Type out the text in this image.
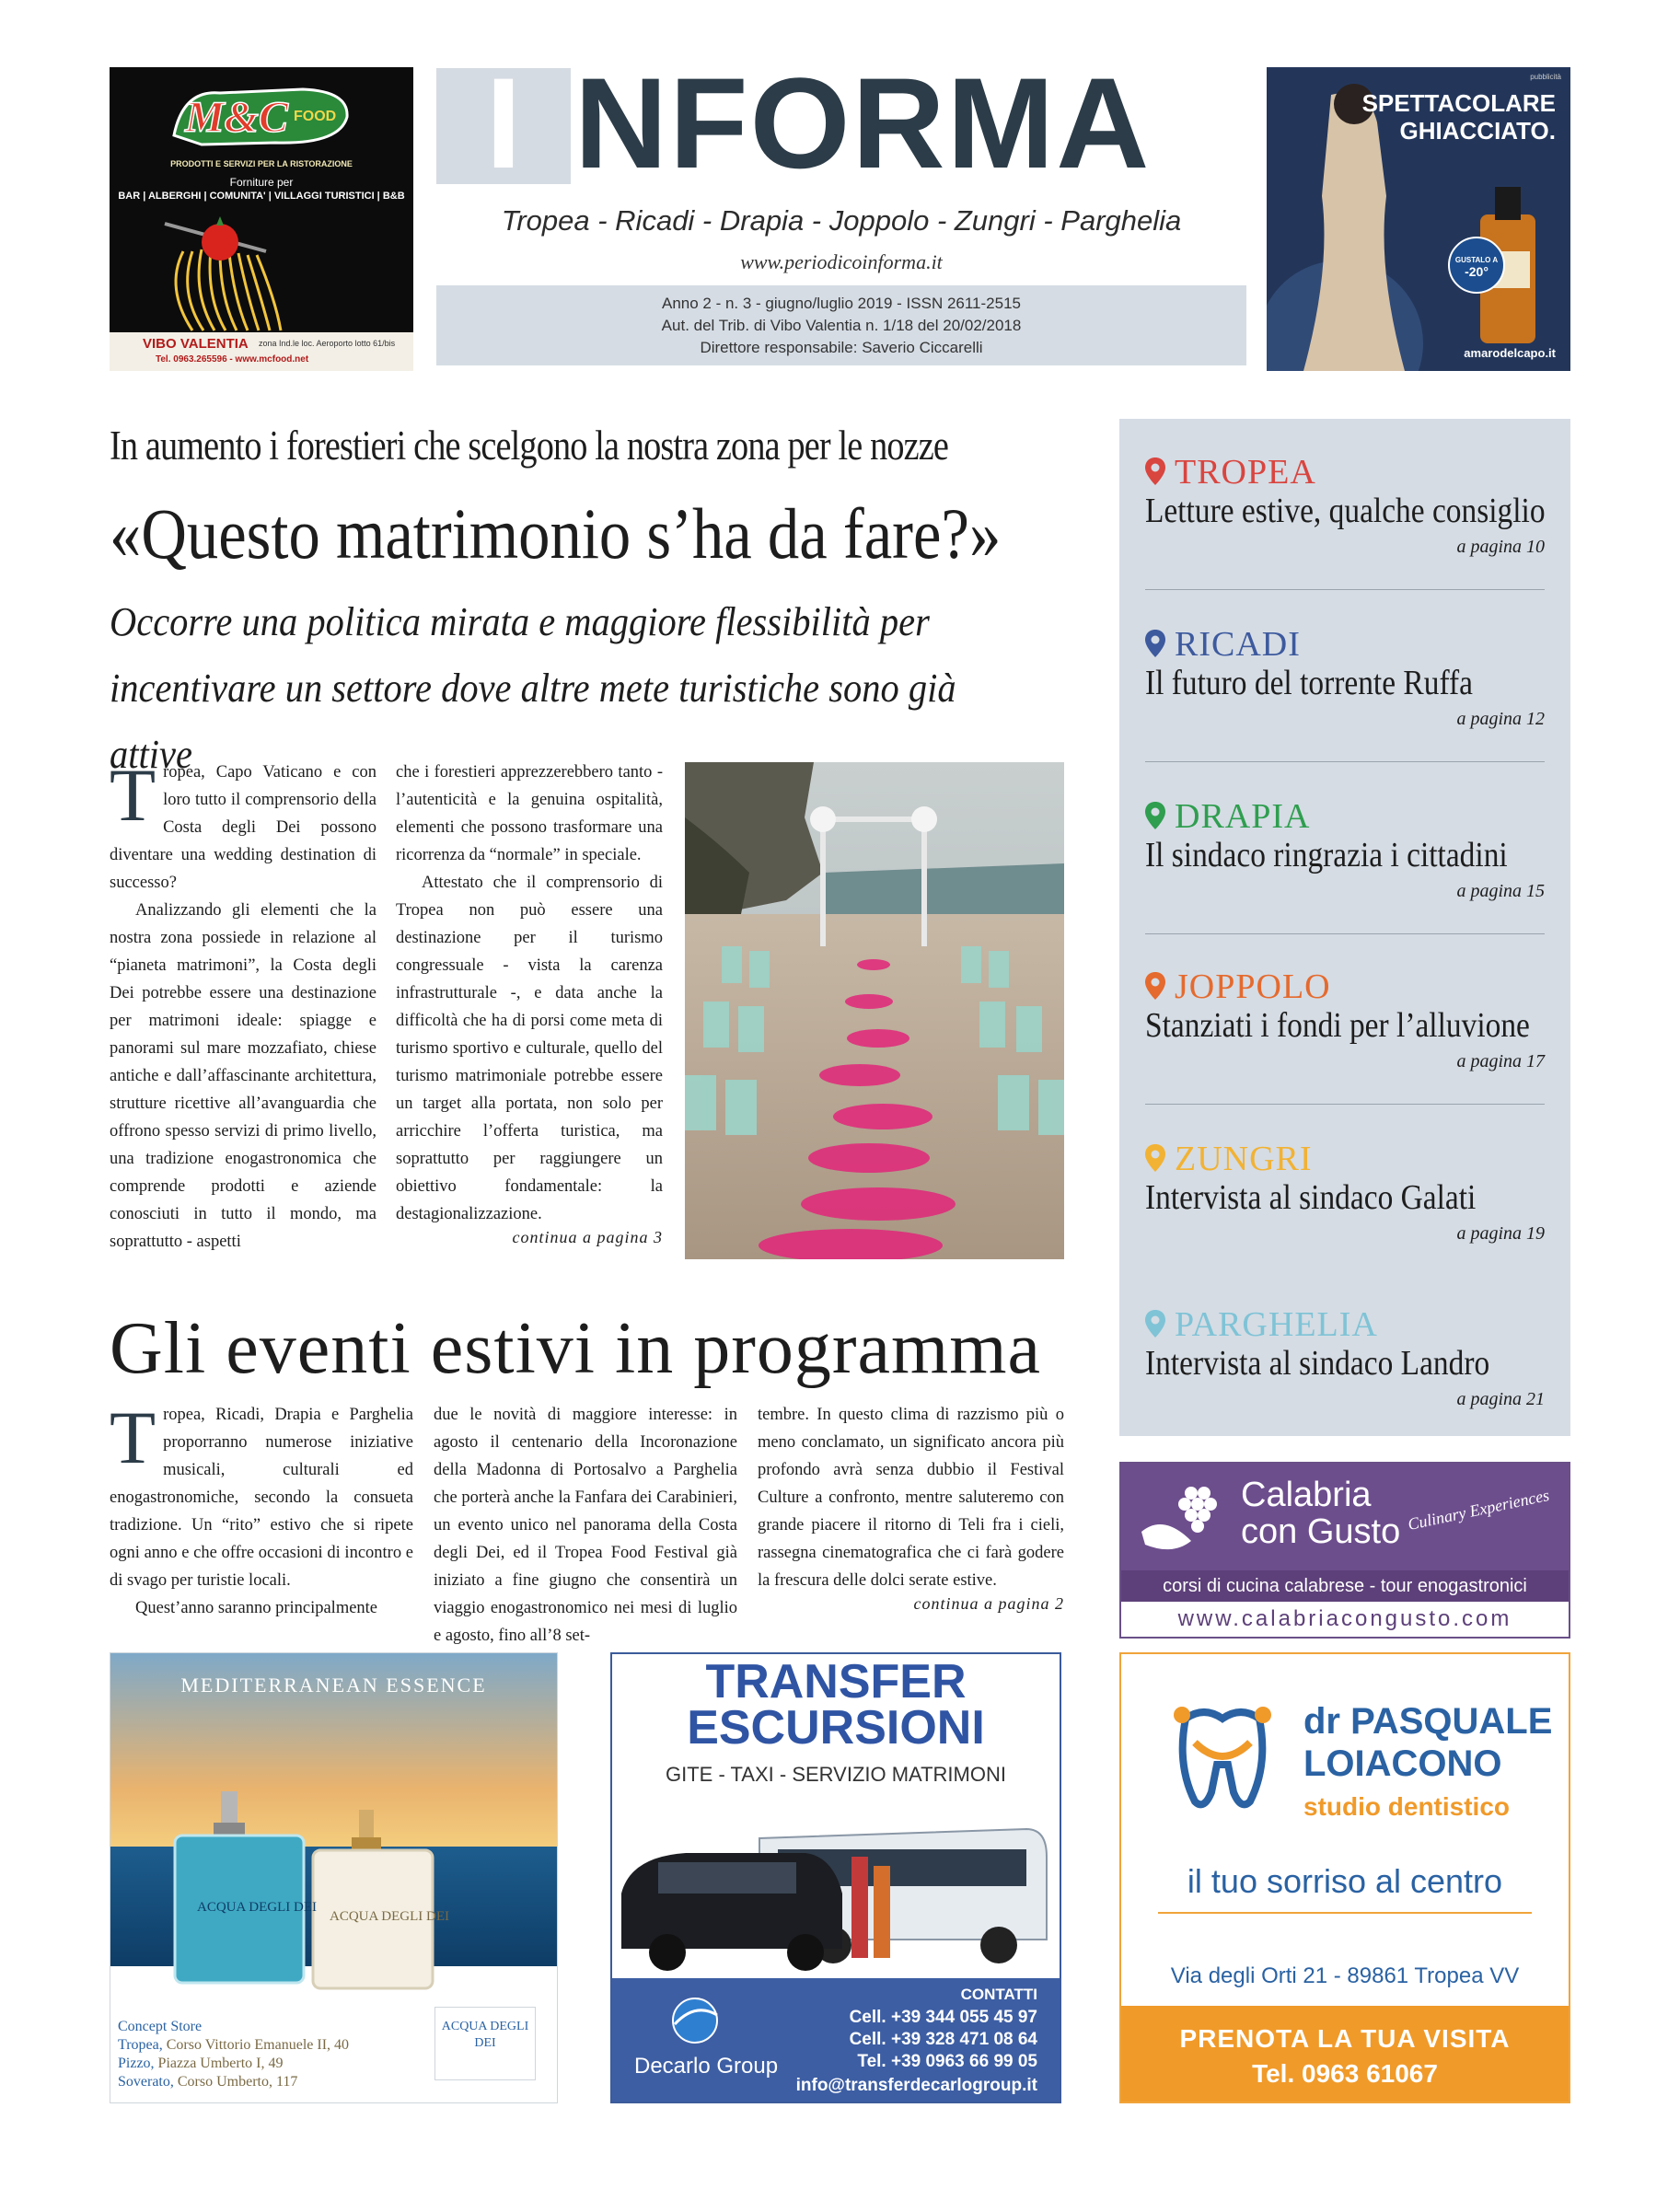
M&C FOOD
PRODOTTI E SERVIZI PER LA RISTORAZIONE
Forniture per
BAR | ALBERGHI | COMUNITA' | VILLAGGI TURISTICI | B&B
VIBO VALENTIA zona Ind.le loc. Aeroporto lotto 61/bis
Tel. 0963.265596 - www.mcfood.net
I NFORMA
Tropea - Ricadi - Drapia - Joppolo - Zungri - Parghelia
www.periodicoinforma.it
Anno 2 - n. 3 - giugno/luglio 2019 - ISSN 2611-2515
Aut. del Trib. di Vibo Valentia n. 1/18 del 20/02/2018
Direttore responsabile: Saverio Ciccarelli
pubblicità
SPETTACOLARE
GHIACCIATO.
GUSTALO A
-20°
amarodelcapo.it
In aumento i forestieri che scelgono la nostra zona per le nozze
«Questo matrimonio s’ha da fare?»
Occorre una politica mirata e maggiore flessibilità per incentivare un settore dove altre mete turistiche sono già attive

Tropea, Capo Vaticano e con loro tutto il comprensorio della Costa degli Dei possono diventare una wedding destination di successo?

Analizzando gli elementi che la nostra zona possiede in relazione al “pianeta matrimoni”, la Costa degli Dei potrebbe essere una destinazione per matrimoni ideale: spiagge e panorami sul mare mozzafiato, chiese antiche e dall’affascinante architettura, strutture ricettive all’avanguardia che offrono spesso servizi di primo livello, una tradizione enogastronomica che comprende prodotti e aziende conosciuti in tutto il mondo, ma soprattutto - aspetti

che i forestieri apprezzerebbero tanto - l’autenticità e la genuina ospitalità, elementi che possono trasformare una ricorrenza da “normale” in speciale.

Attestato che il comprensorio di Tropea non può essere una destinazione per il turismo congressuale - vista la carenza infrastrutturale -, e data anche la difficoltà che ha di porsi come meta di turismo sportivo e culturale, quello del turismo matrimoniale potrebbe essere un target alla portata, non solo per arricchire l’offerta turistica, ma soprattutto per raggiungere un obiettivo fondamentale: la destagionalizzazione.

continua a pagina 3
Gli eventi estivi in programma

Tropea, Ricadi, Drapia e Parghelia proporranno numerose iniziative musicali, culturali ed enogastronomiche, secondo la consueta tradizione. Un “rito” estivo che si ripete ogni anno e che offre occasioni di incontro e di svago per turistie locali.

Quest’anno saranno principalmente

due le novità di maggiore interesse: in agosto il centenario della Incoronazione della Madonna di Portosalvo a Parghelia che porterà anche la Fanfara dei Carabinieri, un evento unico nel panorama della Costa degli Dei, ed il Tropea Food Festival già iniziato a fine giugno che consentirà un viaggio enogastronomico nei mesi di luglio e agosto, fino all’8 set-

tembre. In questo clima di razzismo più o meno conclamato, un significato ancora più profondo avrà senza dubbio il Festival Culture a confronto, mentre saluteremo con grande piacere il ritorno di Teli fra i cieli, rassegna cinematografica che ci farà godere la frescura delle dolci serate estive.

continua a pagina 2
TROPEA
Letture estive, qualche consiglio
a pagina 10
RICADI
Il futuro del torrente Ruffa
a pagina 12
DRAPIA
Il sindaco ringrazia i cittadini
a pagina 15
JOPPOLO
Stanziati i fondi per l’alluvione
a pagina 17
ZUNGRI
Intervista al sindaco Galati
a pagina 19
PARGHELIA
Intervista al sindaco Landro
a pagina 21
Calabria
con Gusto Culinary Experiences
corsi di cucina calabrese - tour enogastronici
www.calabriacongusto.com
MEDITERRANEAN ESSENCE
ACQUA DEGLI DEI
ACQUA DEGLI DEI
Concept Store
Tropea, Corso Vittorio Emanuele II, 40
Pizzo, Piazza Umberto I, 49
Soverato, Corso Umberto, 117
ACQUA DEGLI DEI
TRANSFER
ESCURSIONI
GITE - TAXI - SERVIZIO MATRIMONI
CONTATTI
Cell. +39 344 055 45 97
Cell. +39 328 471 08 64
Tel. +39 0963 66 99 05
info@transferdecarlogroup.it
Decarlo Group
dr PASQUALE
LOIACONO
studio dentistico
il tuo sorriso al centro
Via degli Orti 21 - 89861 Tropea VV
PRENOTA LA TUA VISITA
Tel. 0963 61067
